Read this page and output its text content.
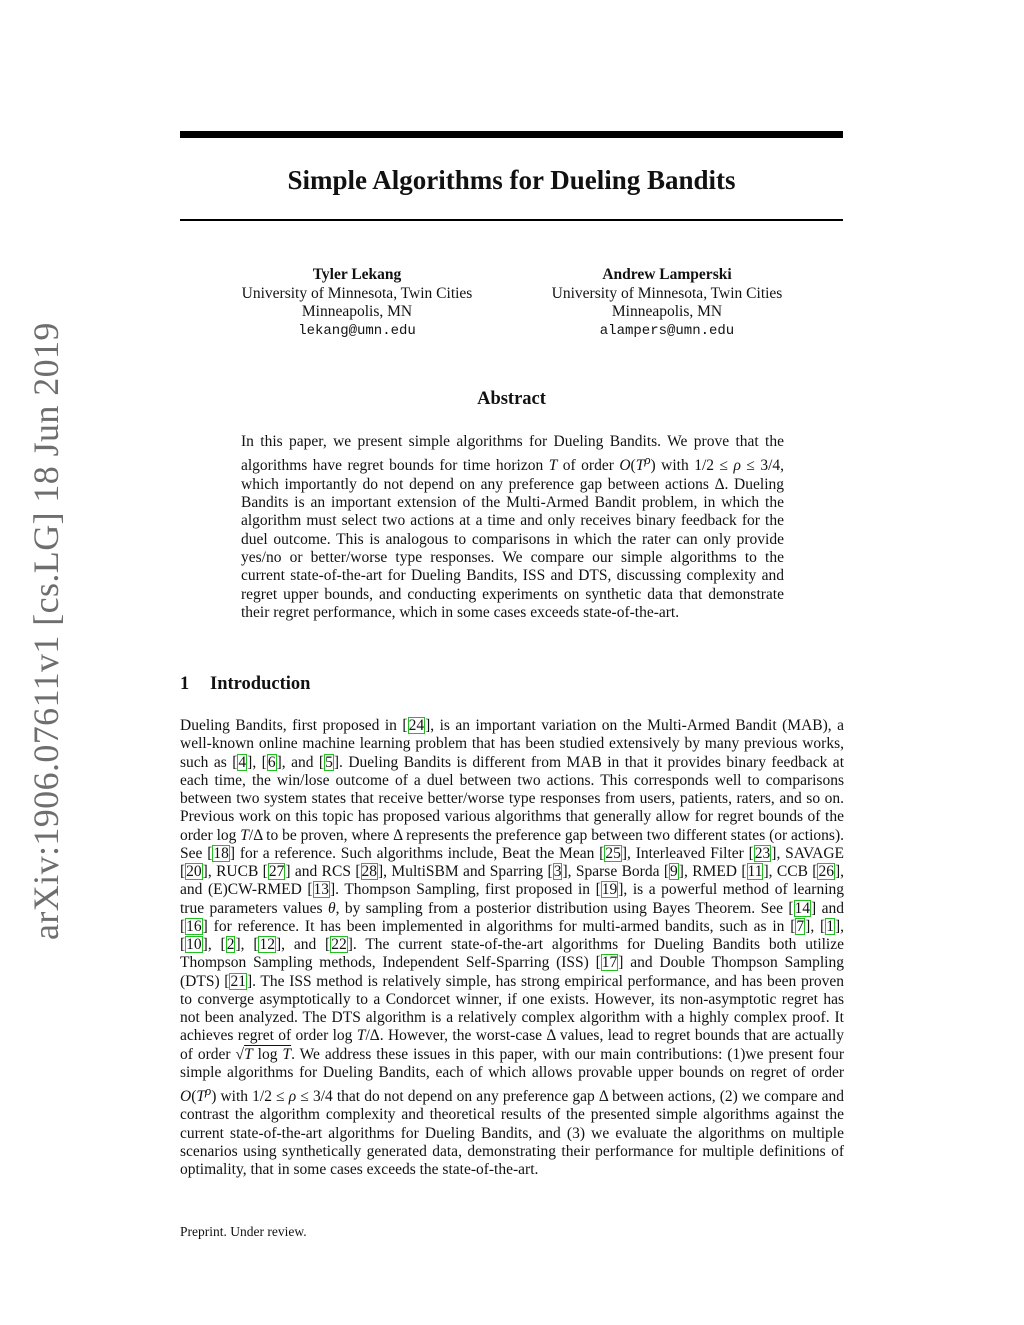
arXiv:1906.07611v1 [cs.LG] 18 Jun 2019
Simple Algorithms for Dueling Bandits
Tyler Lekang
University of Minnesota, Twin Cities
Minneapolis, MN
lekang@umn.edu
Andrew Lamperski
University of Minnesota, Twin Cities
Minneapolis, MN
alampers@umn.edu
Abstract
In this paper, we present simple algorithms for Dueling Bandits. We prove that the algorithms have regret bounds for time horizon T of order $O(T^\rho)$ with 1/2 ≤ ρ ≤ 3/4, which importantly do not depend on any preference gap between actions Δ. Dueling Bandits is an important extension of the Multi-Armed Bandit problem, in which the algorithm must select two actions at a time and only receives binary feedback for the duel outcome. This is analogous to comparisons in which the rater can only provide yes/no or better/worse type responses. We compare our simple algorithms to the current state-of-the-art for Dueling Bandits, ISS and DTS, discussing complexity and regret upper bounds, and conducting experiments on synthetic data that demonstrate their regret performance, which in some cases exceeds state-of-the-art.
1 Introduction
Dueling Bandits, first proposed in [24], is an important variation on the Multi-Armed Bandit (MAB), a well-known online machine learning problem that has been studied extensively by many previous works, such as [4], [6], and [5]. Dueling Bandits is different from MAB in that it provides binary feedback at each time, the win/lose outcome of a duel between two actions. This corresponds well to comparisons between two system states that receive better/worse type responses from users, patients, raters, and so on. Previous work on this topic has proposed various algorithms that generally allow for regret bounds of the order log T/Δ to be proven, where Δ represents the preference gap between two different states (or actions). See [18] for a reference. Such algorithms include, Beat the Mean [25], Interleaved Filter [23], SAVAGE [20], RUCB [27] and RCS [28], MultiSBM and Sparring [3], Sparse Borda [9], RMED [11], CCB [26], and (E)CW-RMED [13]. Thompson Sampling, first proposed in [19], is a powerful method of learning true parameters values θ, by sampling from a posterior distribution using Bayes Theorem. See [14] and [16] for reference. It has been implemented in algorithms for multi-armed bandits, such as in [7], [1], [10], [2], [12], and [22]. The current state-of-the-art algorithms for Dueling Bandits both utilize Thompson Sampling methods, Independent Self-Sparring (ISS) [17] and Double Thompson Sampling (DTS) [21]. The ISS method is relatively simple, has strong empirical performance, and has been proven to converge asymptotically to a Condorcet winner, if one exists. However, its non-asymptotic regret has not been analyzed. The DTS algorithm is a relatively complex algorithm with a highly complex proof. It achieves regret of order log T/Δ. However, the worst-case Δ values, lead to regret bounds that are actually of order √T log T. We address these issues in this paper, with our main contributions: (1)we present four simple algorithms for Dueling Bandits, each of which allows provable upper bounds on regret of order $O(T^\rho)$ with 1/2 ≤ ρ ≤ 3/4 that do not depend on any preference gap Δ between actions, (2) we compare and contrast the algorithm complexity and theoretical results of the presented simple algorithms against the current state-of-the-art algorithms for Dueling Bandits, and (3) we evaluate the algorithms on multiple scenarios using synthetically generated data, demonstrating their performance for multiple definitions of optimality, that in some cases exceeds the state-of-the-art.
Preprint. Under review.
